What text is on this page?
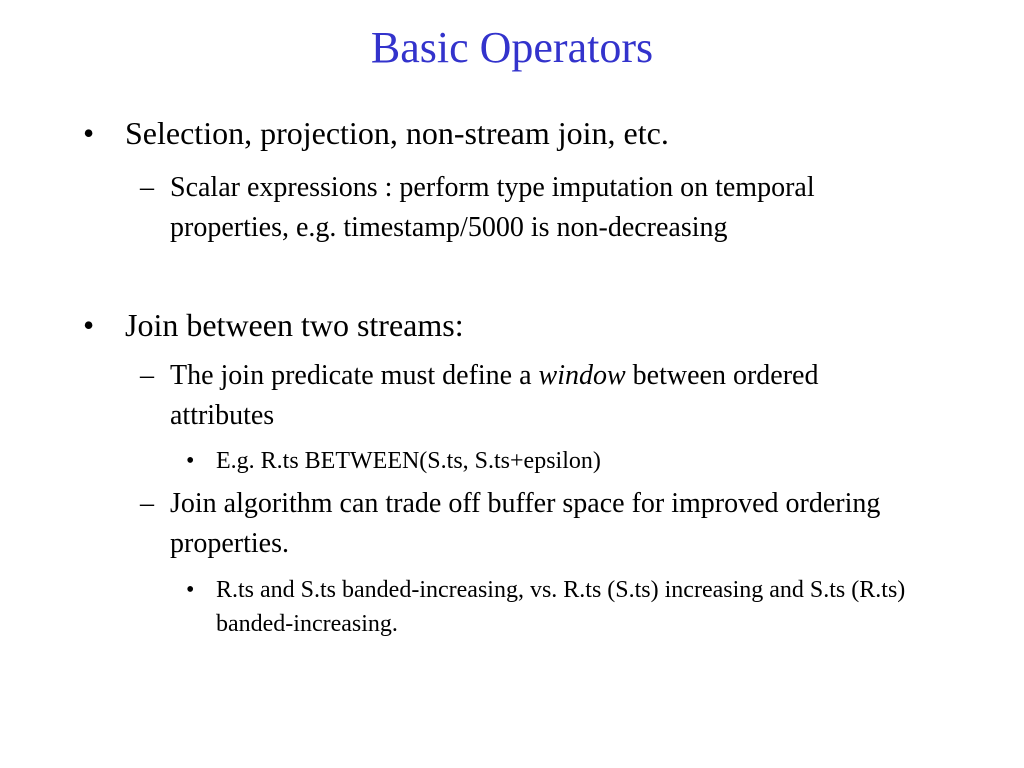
Basic Operators
• Selection, projection, non-stream join, etc.
– Scalar expressions : perform type imputation on temporal properties, e.g. timestamp/5000 is non-decreasing
• Join between two streams:
– The join predicate must define a window between ordered attributes
• E.g. R.ts BETWEEN(S.ts, S.ts+epsilon)
– Join algorithm can trade off buffer space for improved ordering properties.
• R.ts and S.ts banded-increasing, vs. R.ts (S.ts) increasing and S.ts (R.ts) banded-increasing.
